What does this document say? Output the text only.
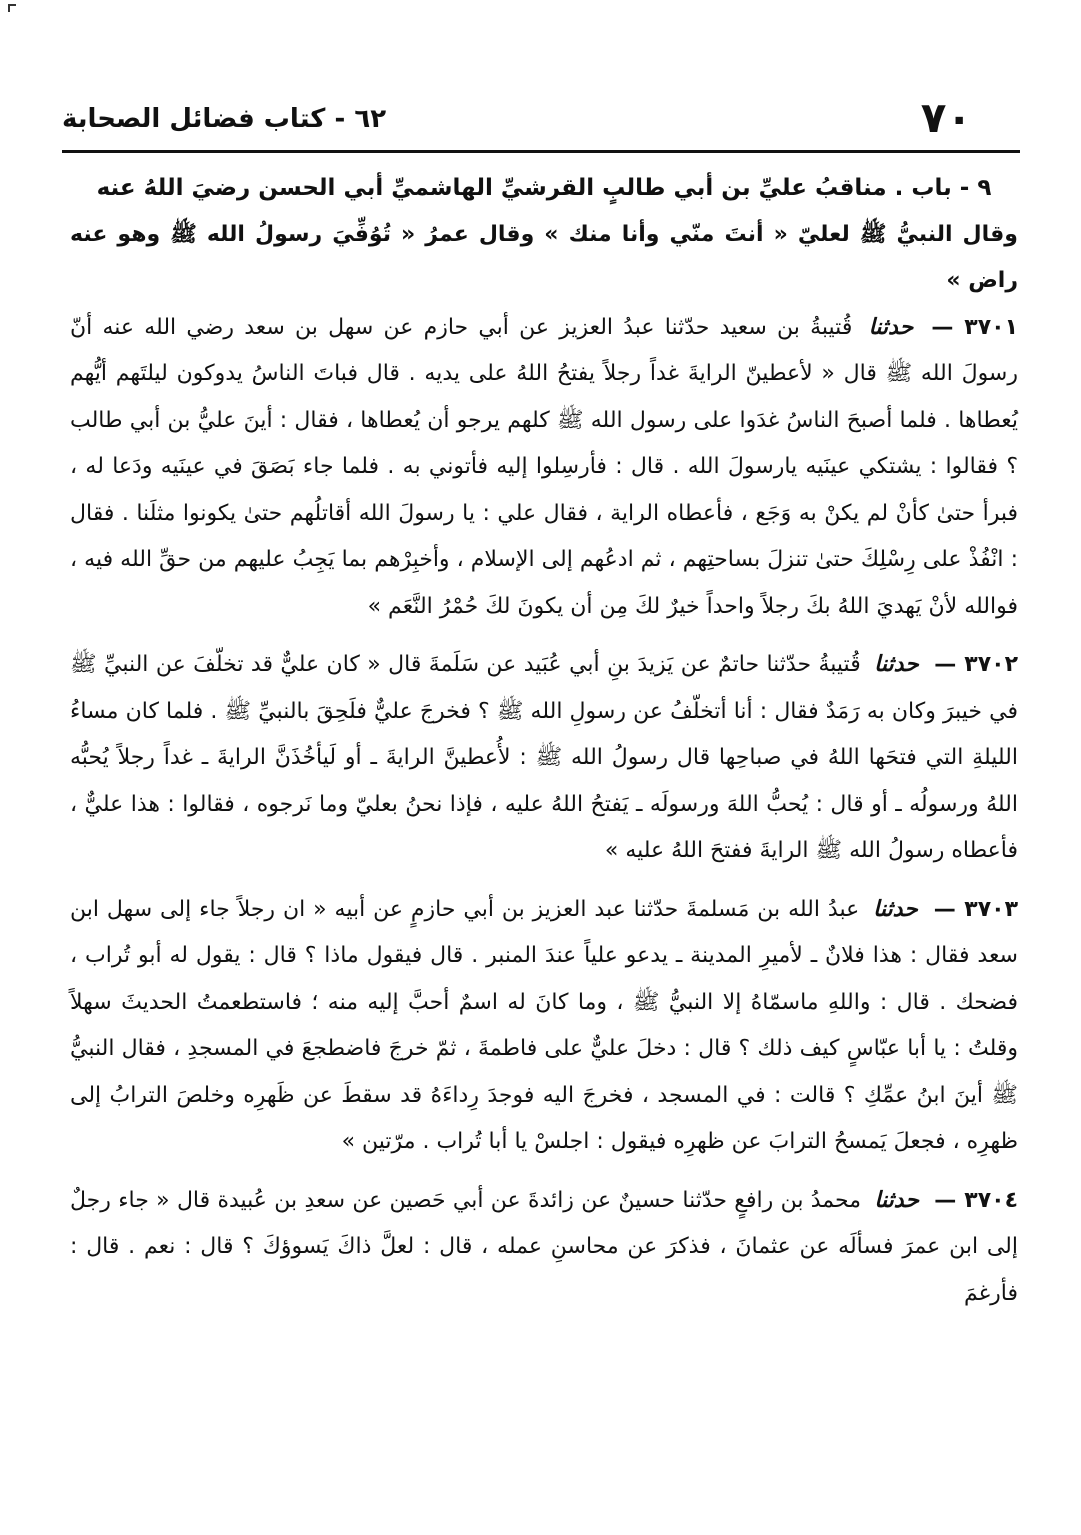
٧٠
٦٢ - كتاب فضائل الصحابة

٩ - باب . مناقبُ عليِّ بن أبي طالبٍ القرشيِّ الهاشميِّ أبي الحسن رضيَ اللهُ عنه

وقال النبيُّ ﷺ لعليّ « أنتَ منّي وأنا منك » وقال عمرُ « تُوُفِّيَ رسولُ الله ﷺ وهو عنه راض »

٣٧٠١ — حدثنا قُتيبةُ بن سعيد حدّثنا عبدُ العزيز عن أبي حازم عن سهل بن سعد رضي الله عنه أنّ رسولَ الله ﷺ قال « لأعطينّ الرايةَ غداً رجلاً يفتحُ اللهُ على يديه . قال فباتَ الناسُ يدوكون ليلتَهم أيُّهم يُعطاها . فلما أصبحَ الناسُ غدَوا على رسول الله ﷺ كلهم يرجو أن يُعطاها ، فقال : أينَ عليُّ بن أبي طالب ؟ فقالوا : يشتكي عينَيه يارسولَ الله . قال : فأرسِلوا إليه فأتوني به . فلما جاء بَصَقَ في عينَيه ودَعا له ، فبرأ حتىٰ كأنْ لم يكنْ به وَجَع ، فأعطاه الراية ، فقال علي : يا رسولَ الله أقاتلُهم حتىٰ يكونوا مثلَنا . فقال : انْفُذْ على رِسْلِكَ حتىٰ تنزلَ بساحتِهم ، ثم ادعُهم إلى الإسلام ، وأخبِرْهم بما يَجِبُ عليهم من حقِّ الله فيه ، فوالله لأنْ يَهديَ اللهُ بكَ رجلاً واحداً خيرٌ لكَ مِن أن يكونَ لكَ حُمْرُ النَّعَم »

٣٧٠٢ — حدثنا قُتيبةُ حدّثنا حاتمٌ عن يَزيدَ بنِ أبي عُبَيد عن سَلَمةَ قال « كان عليٌّ قد تخلّفَ عن النبيِّ ﷺ في خيبرَ وكان به رَمَدٌ فقال : أنا أتخلّفُ عن رسولِ الله ﷺ ؟ فخرجَ عليٌّ فلَحِقَ بالنبيِّ ﷺ . فلما كان مساءُ الليلةِ التي فتحَها اللهُ في صباحِها قال رسولُ الله ﷺ : لأُعطينَّ الرايةَ ـ أو لَيأخُذَنَّ الرايةَ ـ غداً رجلاً يُحبُّه اللهُ ورسولُه ـ أو قال : يُحبُّ اللهَ ورسولَه ـ يَفتحُ اللهُ عليه ، فإذا نحنُ بعليّ وما نَرجوه ، فقالوا : هذا عليٌّ ، فأعطاه رسولُ الله ﷺ الرايةَ ففتحَ اللهُ عليه »

٣٧٠٣ — حدثنا عبدُ الله بن مَسلمةَ حدّثنا عبد العزيز بن أبي حازمٍ عن أبيه « ان رجلاً جاء إلى سهل ابن سعد فقال : هذا فلانٌ ـ لأميرِ المدينة ـ يدعو علياً عندَ المنبر . قال فيقول ماذا ؟ قال : يقول له أبو تُراب ، فضحك . قال : واللهِ ماسمّاهُ إلا النبيُّ ﷺ ، وما كانَ له اسمٌ أحبَّ إليه منه ؛ فاستطعمتُ الحديثَ سهلاً وقلتُ : يا أبا عبّاسٍ كيف ذلك ؟ قال : دخلَ عليٌّ على فاطمةَ ، ثمّ خرجَ فاضطجعَ في المسجدِ ، فقال النبيُّ ﷺ أينَ ابنُ عمِّكِ ؟ قالت : في المسجد ، فخرجَ اليه فوجدَ رِداءَهُ قد سقطَ عن ظَهرِه وخلصَ الترابُ إلى ظهرِه ، فجعلَ يَمسحُ الترابَ عن ظهرِه فيقول : اجلسْ يا أبا تُراب . مرّتين »

٣٧٠٤ — حدثنا محمدُ بن رافعٍ حدّثنا حسينٌ عن زائدةَ عن أبي حَصين عن سعدِ بن عُبيدة قال « جاء رجلٌ إلى ابن عمرَ فسألَه عن عثمانَ ، فذكرَ عن محاسنِ عمله ، قال : لعلَّ ذاكَ يَسوؤكَ ؟ قال : نعم . قال : فأرغمَ
